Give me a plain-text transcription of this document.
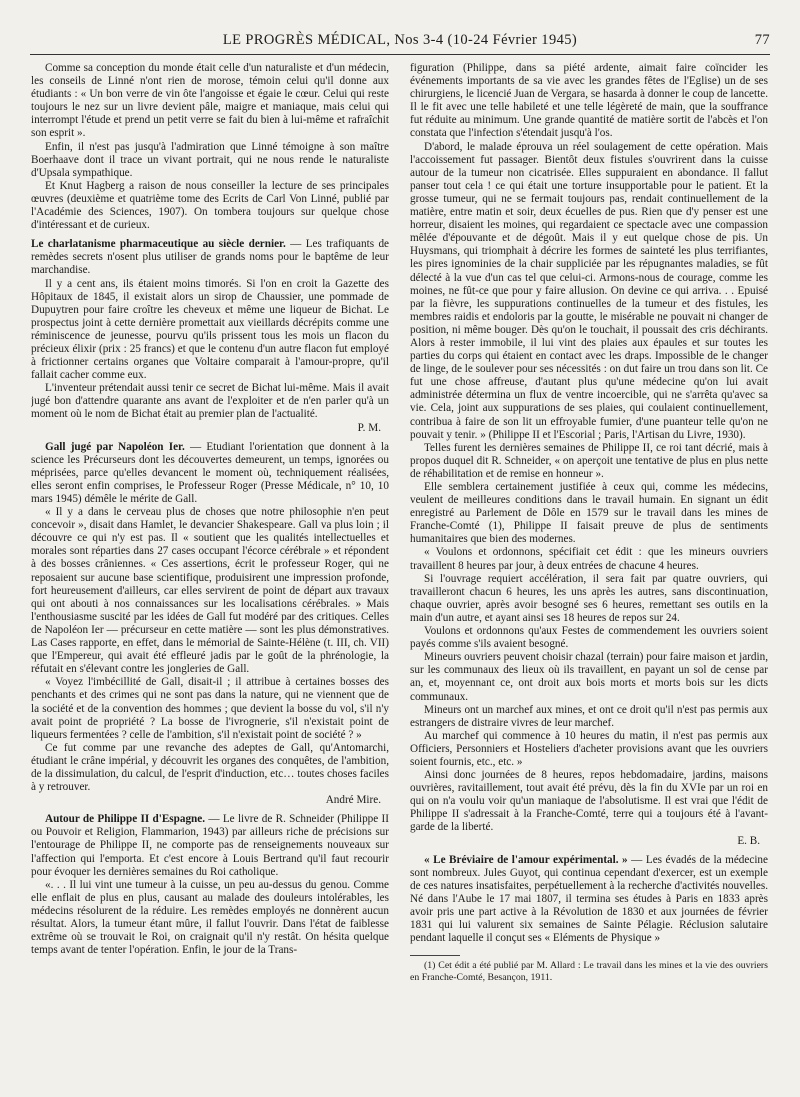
LE PROGRÈS MÉDICAL, Nos 3-4 (10-24 Février 1945)	77

Comme sa conception du monde était celle d'un naturaliste et d'un médecin, les conseils de Linné n'ont rien de morose, témoin celui qu'il donne aux étudiants : « Un bon verre de vin ôte l'angoisse et égaie le cœur. Celui qui reste toujours le nez sur un livre devient pâle, maigre et maniaque, mais celui qui interrompt l'étude et prend un petit verre se fait du bien à lui-même et rafraîchit son esprit ».

Enfin, il n'est pas jusqu'à l'admiration que Linné témoigne à son maître Boerhaave dont il trace un vivant portrait, qui ne nous rende le naturaliste d'Upsala sympathique.

Et Knut Hagberg a raison de nous conseiller la lecture de ses principales œuvres (deuxième et quatrième tome des Ecrits de Carl Von Linné, publié par l'Académie des Sciences, 1907). On tombera toujours sur quelque chose d'intéressant et de curieux.

Le charlatanisme pharmaceutique au siècle dernier. — Les trafiquants de remèdes secrets n'osent plus utiliser de grands noms pour le baptême de leur marchandise.

Il y a cent ans, ils étaient moins timorés. Si l'on en croit la Gazette des Hôpitaux de 1845, il existait alors un sirop de Chaussier, une pommade de Dupuytren pour faire croître les cheveux et même une liqueur de Bichat. Le prospectus joint à cette dernière promettait aux vieillards décrépits comme une réminiscence de jeunesse, pourvu qu'ils prissent tous les mois un flacon du précieux élixir (prix : 25 francs) et que le contenu d'un autre flacon fut employé à frictionner certains organes que Voltaire comparait à l'amour-propre, qu'il fallait cacher comme eux.

L'inventeur prétendait aussi tenir ce secret de Bichat lui-même. Mais il avait jugé bon d'attendre quarante ans avant de l'exploiter et de n'en parler qu'à un moment où le nom de Bichat était au premier plan de l'actualité.

P. M.

Gall jugé par Napoléon Ier. — Etudiant l'orientation que donnent à la science les Précurseurs dont les découvertes demeurent, un temps, ignorées ou méprisées, parce qu'elles devancent le moment où, techniquement réalisées, elles seront enfin comprises, le Professeur Roger (Presse Médicale, n° 10, 10 mars 1945) démêle le mérite de Gall.

« Il y a dans le cerveau plus de choses que notre philosophie n'en peut concevoir », disait dans Hamlet, le devancier Shakespeare. Gall va plus loin ; il découvre ce qui n'y est pas. Il « soutient que les qualités intellectuelles et morales sont réparties dans 27 cases occupant l'écorce cérébrale » et répondent à des bosses crâniennes. « Ces assertions, écrit le professeur Roger, qui ne reposaient sur aucune base scientifique, produisirent une impression profonde, fort heureusement d'ailleurs, car elles servirent de point de départ aux travaux qui ont abouti à nos connaissances sur les localisations cérébrales. » Mais l'enthousiasme suscité par les idées de Gall fut modéré par des critiques. Celles de Napoléon Ier — précurseur en cette matière — sont les plus démonstratives. Las Cases rapporte, en effet, dans le mémorial de Sainte-Hélène (t. III, ch. VII) que l'Empereur, qui avait été effleuré jadis par le goût de la phrénologie, la réfutait en s'élevant contre les jongleries de Gall.

« Voyez l'imbécillité de Gall, disait-il ; il attribue à certaines bosses des penchants et des crimes qui ne sont pas dans la nature, qui ne viennent que de la société et de la convention des hommes ; que devient la bosse du vol, s'il n'y avait point de propriété ? La bosse de l'ivrognerie, s'il n'existait point de liqueurs fermentées ? celle de l'ambition, s'il n'existait point de société ? »

Ce fut comme par une revanche des adeptes de Gall, qu'Antomarchi, étudiant le crâne impérial, y découvrit les organes des conquêtes, de l'ambition, de la dissimulation, du calcul, de l'esprit d'induction, etc… toutes choses faciles à y retrouver.

André Mire.

Autour de Philippe II d'Espagne. — Le livre de R. Schneider (Philippe II ou Pouvoir et Religion, Flammarion, 1943) par ailleurs riche de précisions sur l'entourage de Philippe II, ne comporte pas de renseignements nouveaux sur l'affection qui l'emporta. Et c'est encore à Louis Bertrand qu'il faut recourir pour évoquer les dernières semaines du Roi catholique.

«. . . Il lui vint une tumeur à la cuisse, un peu au-dessus du genou. Comme elle enflait de plus en plus, causant au malade des douleurs intolérables, les médecins résolurent de la réduire. Les remèdes employés ne donnèrent aucun résultat. Alors, la tumeur étant mûre, il fallut l'ouvrir. Dans l'état de faiblesse extrême où se trouvait le Roi, on craignait qu'il n'y restât. On hésita quelque temps avant de tenter l'opération. Enfin, le jour de la Trans-

figuration (Philippe, dans sa piété ardente, aimait faire coïncider les événements importants de sa vie avec les grandes fêtes de l'Eglise) un de ses chirurgiens, le licencié Juan de Vergara, se hasarda à donner le coup de lancette. Il le fit avec une telle habileté et une telle légèreté de main, que la souffrance fut réduite au minimum. Une grande quantité de matière sortit de l'abcès et l'on constata que l'infection s'étendait jusqu'à l'os.

D'abord, le malade éprouva un réel soulagement de cette opération. Mais l'accoissement fut passager. Bientôt deux fistules s'ouvrirent dans la cuisse autour de la tumeur non cicatrisée. Elles suppuraient en abondance. Il fallut panser tout cela ! ce qui était une torture insupportable pour le patient. Et la grosse tumeur, qui ne se fermait toujours pas, rendait continuellement de la matière, entre matin et soir, deux écuelles de pus. Rien que d'y penser est une horreur, disaient les moines, qui regardaient ce spectacle avec une compassion mêlée d'épouvante et de dégoût. Mais il y eut quelque chose de pis. Un Huysmans, qui triomphait à décrire les formes de sainteté les plus terrifiantes, les pires ignominies de la chair suppliciée par les répugnantes maladies, se fût délecté à la vue d'un cas tel que celui-ci. Armons-nous de courage, comme les moines, ne fût-ce que pour y faire allusion. On devine ce qui arriva. . . Epuisé par la fièvre, les suppurations continuelles de la tumeur et des fistules, les membres raidis et endoloris par la goutte, le misérable ne pouvait ni changer de position, ni même bouger. Dès qu'on le touchait, il poussait des cris déchirants. Alors à rester immobile, il lui vint des plaies aux épaules et sur toutes les parties du corps qui étaient en contact avec les draps. Impossible de le changer de linge, de le soulever pour ses nécessités : on dut faire un trou dans son lit. Ce fut une chose affreuse, d'autant plus qu'une médecine qu'on lui avait administrée détermina un flux de ventre incoercible, qui ne s'arrêta qu'avec sa vie. Cela, joint aux suppurations de ses plaies, qui coulaient continuellement, contribua à faire de son lit un effroyable fumier, d'une puanteur telle qu'on ne pouvait y tenir. » (Philippe II et l'Escorial ; Paris, l'Artisan du Livre, 1930).

Telles furent les dernières semaines de Philippe II, ce roi tant décrié, mais à propos duquel dit R. Schneider, « on aperçoit une tentative de plus en plus nette de réhabilitation et de remise en honneur ».

Elle semblera certainement justifiée à ceux qui, comme les médecins, veulent de meilleures conditions dans le travail humain. En signant un édit enregistré au Parlement de Dôle en 1579 sur le travail dans les mines de Franche-Comté (1), Philippe II faisait preuve de plus de sentiments humanitaires que bien des modernes.

« Voulons et ordonnons, spécifiait cet édit : que les mineurs ouvriers travaillent 8 heures par jour, à deux entrées de chacune 4 heures.

Si l'ouvrage requiert accélération, il sera fait par quatre ouvriers, qui travailleront chacun 6 heures, les uns après les autres, sans discontinuation, chaque ouvrier, après avoir besogné ses 6 heures, remettant ses outils en la main d'un autre, et ayant ainsi ses 18 heures de repos sur 24.

Voulons et ordonnons qu'aux Festes de commendement les ouvriers soient payés comme s'ils avaient besogné.

Mineurs ouvriers peuvent choisir chazal (terrain) pour faire maison et jardin, sur les communaux des lieux où ils travaillent, en payant un sol de cense par an, et, moyennant ce, ont droit aux bois morts et morts bois sur les dicts communaux.

Mineurs ont un marchef aux mines, et ont ce droit qu'il n'est pas permis aux estrangers de distraire vivres de leur marchef.

Au marchef qui commence à 10 heures du matin, il n'est pas permis aux Officiers, Personniers et Hosteliers d'acheter provisions avant que les ouvriers soient fournis, etc., etc. »

Ainsi donc journées de 8 heures, repos hebdomadaire, jardins, maisons ouvrières, ravitaillement, tout avait été prévu, dès la fin du XVIe par un roi en qui on n'a voulu voir qu'un maniaque de l'absolutisme. Il est vrai que l'édit de Philippe II s'adressait à la Franche-Comté, terre qui a toujours été à l'avant-garde de la liberté.

E. B.

« Le Bréviaire de l'amour expérimental. » — Les évadés de la médecine sont nombreux. Jules Guyot, qui continua cependant d'exercer, est un exemple de ces natures insatisfaites, perpétuellement à la recherche d'activités nouvelles. Né dans l'Aube le 17 mai 1807, il termina ses études à Paris en 1833 après avoir pris une part active à la Révolution de 1830 et aux journées de février 1831 qui lui valurent six semaines de Sainte Pélagie. Réclusion salutaire pendant laquelle il conçut ses « Eléments de Physique »

(1) Cet édit a été publié par M. Allard : Le travail dans les mines et la vie des ouvriers en Franche-Comté, Besançon, 1911.
